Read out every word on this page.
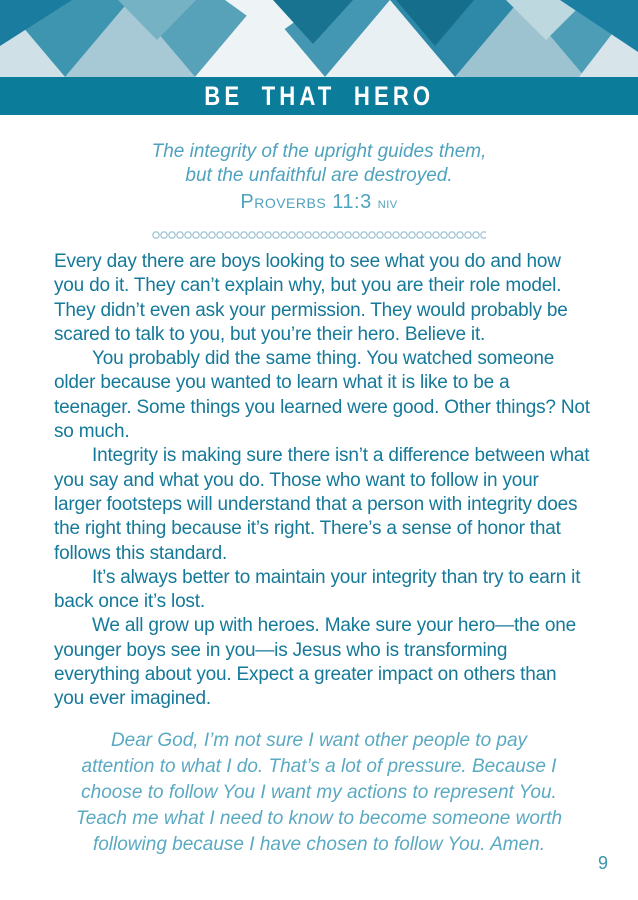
BE THAT HERO
The integrity of the upright guides them,
but the unfaithful are destroyed.
Proverbs 11:3 niv

Every day there are boys looking to see what you do and how you do it. They can’t explain why, but you are their role model. They didn’t even ask your permission. They would probably be scared to talk to you, but you’re their hero. Believe it.

You probably did the same thing. You watched someone older because you wanted to learn what it is like to be a teenager. Some things you learned were good. Other things? Not so much.

Integrity is making sure there isn’t a difference between what you say and what you do. Those who want to follow in your larger footsteps will understand that a person with integrity does the right thing because it’s right. There’s a sense of honor that follows this standard.

It’s always better to maintain your integrity than try to earn it back once it’s lost.

We all grow up with heroes. Make sure your hero—the one younger boys see in you—is Jesus who is transforming everything about you. Expect a greater impact on others than you ever imagined.

Dear God, I’m not sure I want other people to pay
attention to what I do. That’s a lot of pressure. Because I
choose to follow You I want my actions to represent You.
Teach me what I need to know to become someone worth
following because I have chosen to follow You. Amen.
9
